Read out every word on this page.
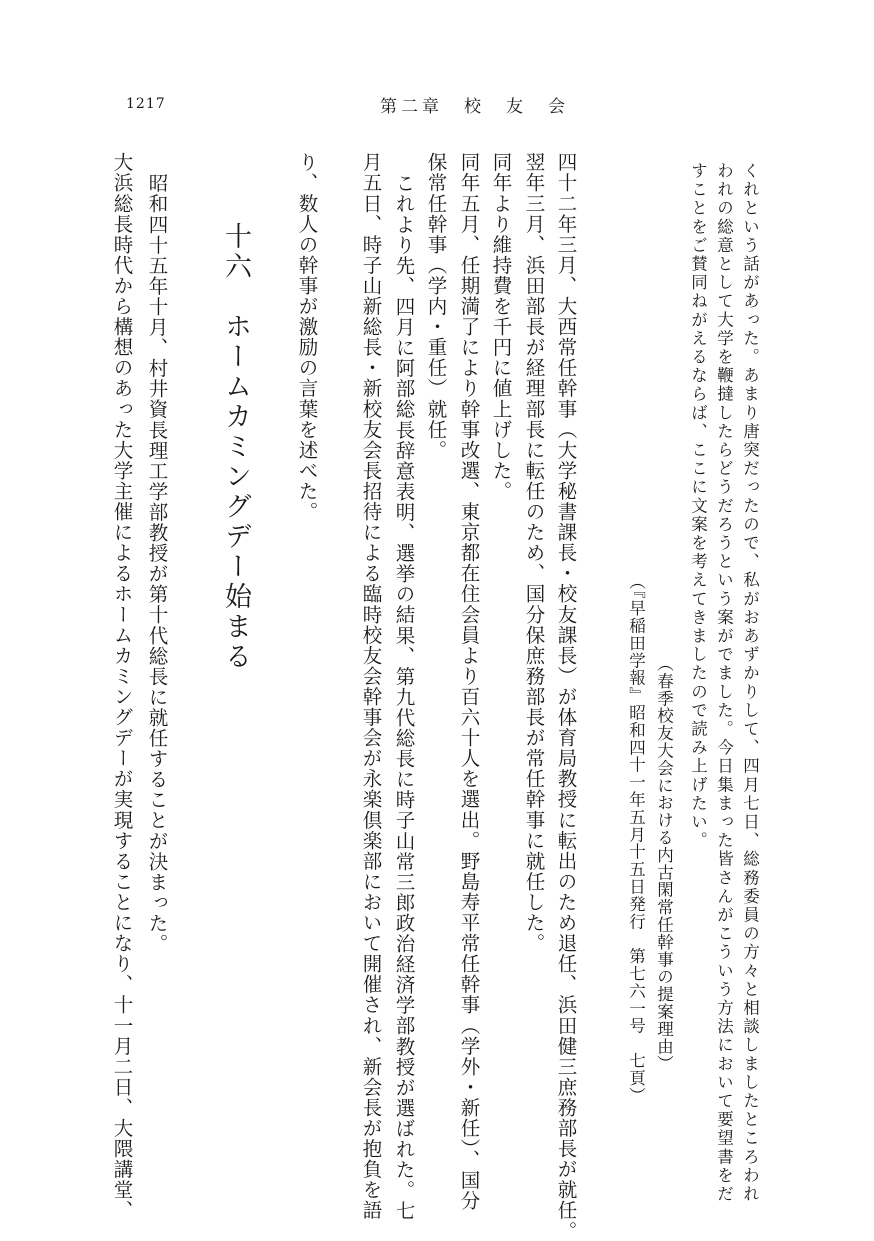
1217	第二章　校　友　会
くれという話があった。あまり唐突だったので、私がおあずかりして、四月七日、総務委員の方々と相談しましたところわれ
われの総意として大学を鞭撻したらどうだろうという案がでました。今日集まった皆さんがこういう方法において要望書をだ
すことをご賛同ねがえるならば、ここに文案を考えてきましたので読み上げたい。
（春季校友大会における内古閑常任幹事の提案理由）
（『早稲田学報』昭和四十一年五月十五日発行　第七六一号　七頁）
四十二年三月、大西常任幹事（大学秘書課長・校友課長）が体育局教授に転出のため退任、浜田健三庶務部長が就任。
翌年三月、浜田部長が経理部長に転任のため、国分保庶務部長が常任幹事に就任した。
同年より維持費を千円に値上げした。
同年五月、任期満了により幹事改選、東京都在住会員より百六十人を選出。野島寿平常任幹事（学外・新任）、国分
保常任幹事（学内・重任）就任。
これより先、四月に阿部総長辞意表明、選挙の結果、第九代総長に時子山常三郎政治経済学部教授が選ばれた。七
月五日、時子山新総長・新校友会長招待による臨時校友会幹事会が永楽倶楽部において開催され、新会長が抱負を語
り、数人の幹事が激励の言葉を述べた。
十六　ホームカミングデー始まる
昭和四十五年十月、村井資長理工学部教授が第十代総長に就任することが決まった。
大浜総長時代から構想のあった大学主催によるホームカミングデーが実現することになり、十一月二日、大隈講堂、
